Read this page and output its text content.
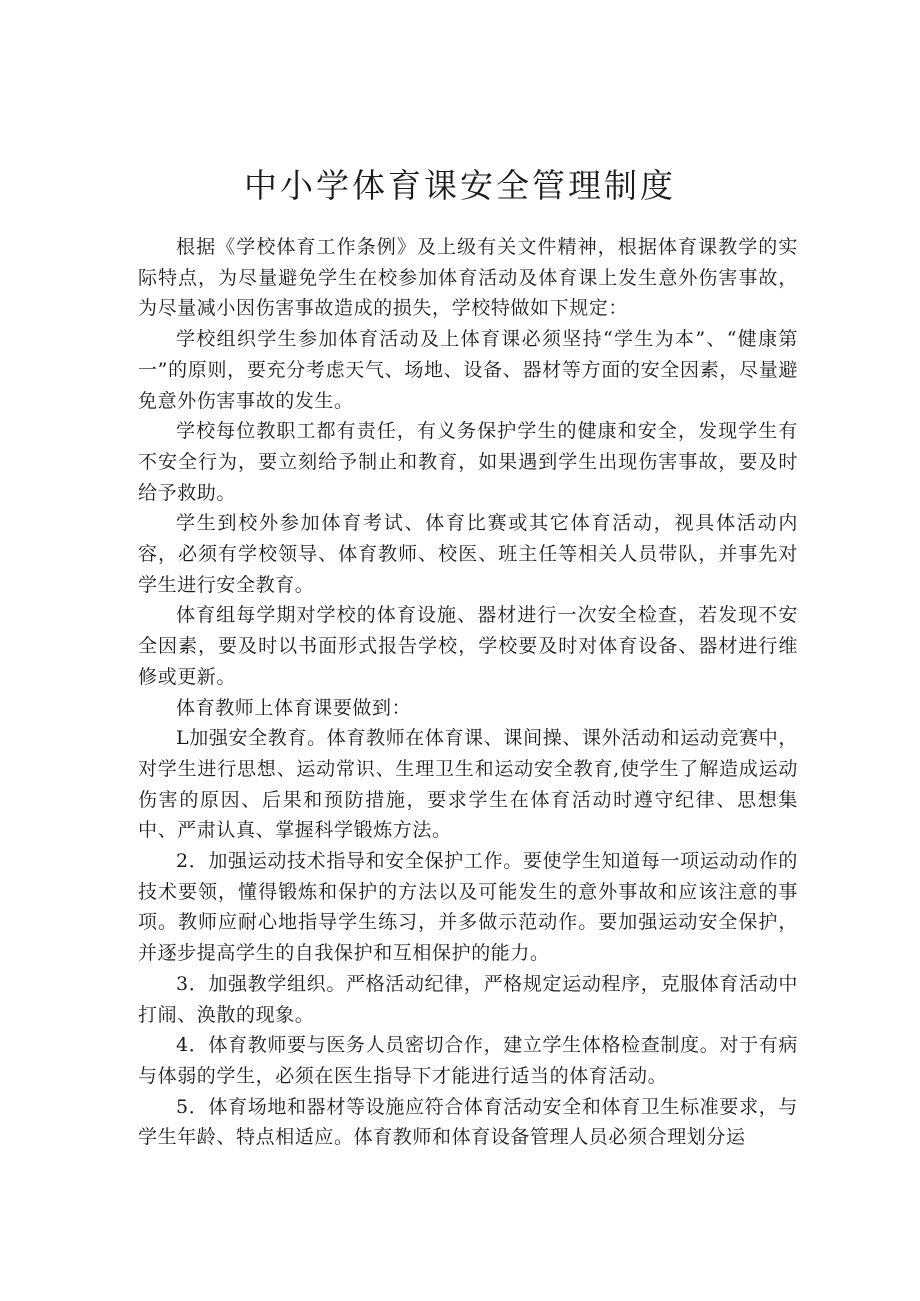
中小学体育课安全管理制度

根据《学校体育工作条例》及上级有关文件精神，根据体育课教学的实际特点，为尽量避免学生在校参加体育活动及体育课上发生意外伤害事故，为尽量减小因伤害事故造成的损失，学校特做如下规定：

学校组织学生参加体育活动及上体育课必须坚持“学生为本”、“健康第一”的原则，要充分考虑天气、场地、设备、器材等方面的安全因素，尽量避免意外伤害事故的发生。

学校每位教职工都有责任，有义务保护学生的健康和安全，发现学生有不安全行为，要立刻给予制止和教育，如果遇到学生出现伤害事故，要及时给予救助。

学生到校外参加体育考试、体育比赛或其它体育活动，视具体活动内容，必须有学校领导、体育教师、校医、班主任等相关人员带队，并事先对学生进行安全教育。

体育组每学期对学校的体育设施、器材进行一次安全检查，若发现不安全因素，要及时以书面形式报告学校，学校要及时对体育设备、器材进行维修或更新。

体育教师上体育课要做到：

L加强安全教育。体育教师在体育课、课间操、课外活动和运动竞赛中，对学生进行思想、运动常识、生理卫生和运动安全教育,使学生了解造成运动伤害的原因、后果和预防措施，要求学生在体育活动时遵守纪律、思想集中、严肃认真、掌握科学锻炼方法。

2．加强运动技术指导和安全保护工作。要使学生知道每一项运动动作的技术要领，懂得锻炼和保护的方法以及可能发生的意外事故和应该注意的事项。教师应耐心地指导学生练习，并多做示范动作。要加强运动安全保护，并逐步提高学生的自我保护和互相保护的能力。

3．加强教学组织。严格活动纪律，严格规定运动程序，克服体育活动中打闹、涣散的现象。

4．体育教师要与医务人员密切合作，建立学生体格检查制度。对于有病与体弱的学生，必须在医生指导下才能进行适当的体育活动。

5．体育场地和器材等设施应符合体育活动安全和体育卫生标准要求，与学生年龄、特点相适应。体育教师和体育设备管理人员必须合理划分运
